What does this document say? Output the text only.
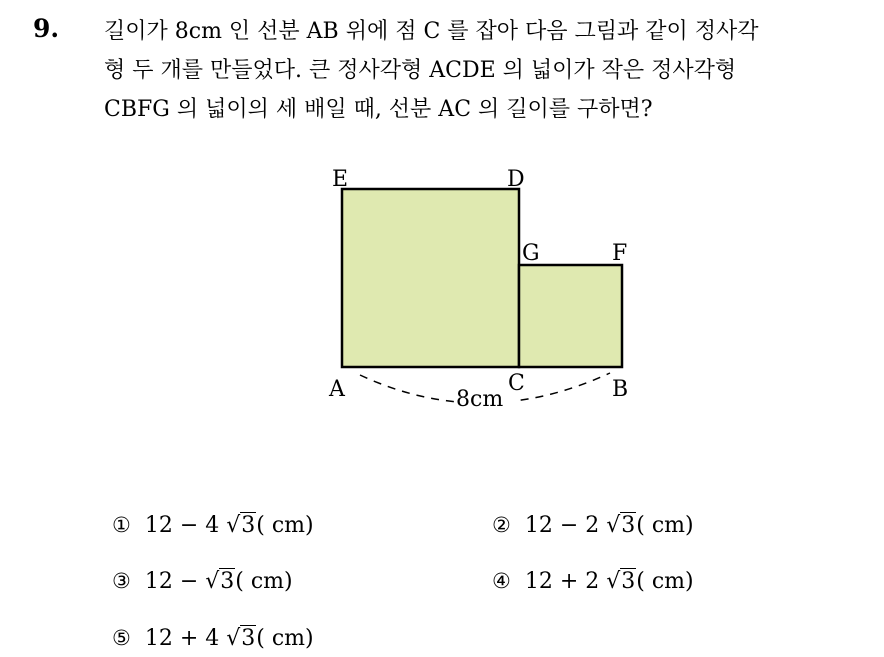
9. 길이가 8cm 인 선분 AB 위에 점 C 를 잡아 다음 그림과 같이 정사각
형 두 개를 만들었다. 큰 정사각형 ACDE 의 넓이가 작은 정사각형
CBFG 의 넓이의 세 배일 때, 선분 AC 의 길이를 구하면?
E	D
G	F
A	C	B
8cm
① 12 − 4 √3( cm)	② 12 − 2 √3( cm)
③ 12 − √3( cm)	④ 12 + 2 √3( cm)
⑤ 12 + 4 √3( cm)
